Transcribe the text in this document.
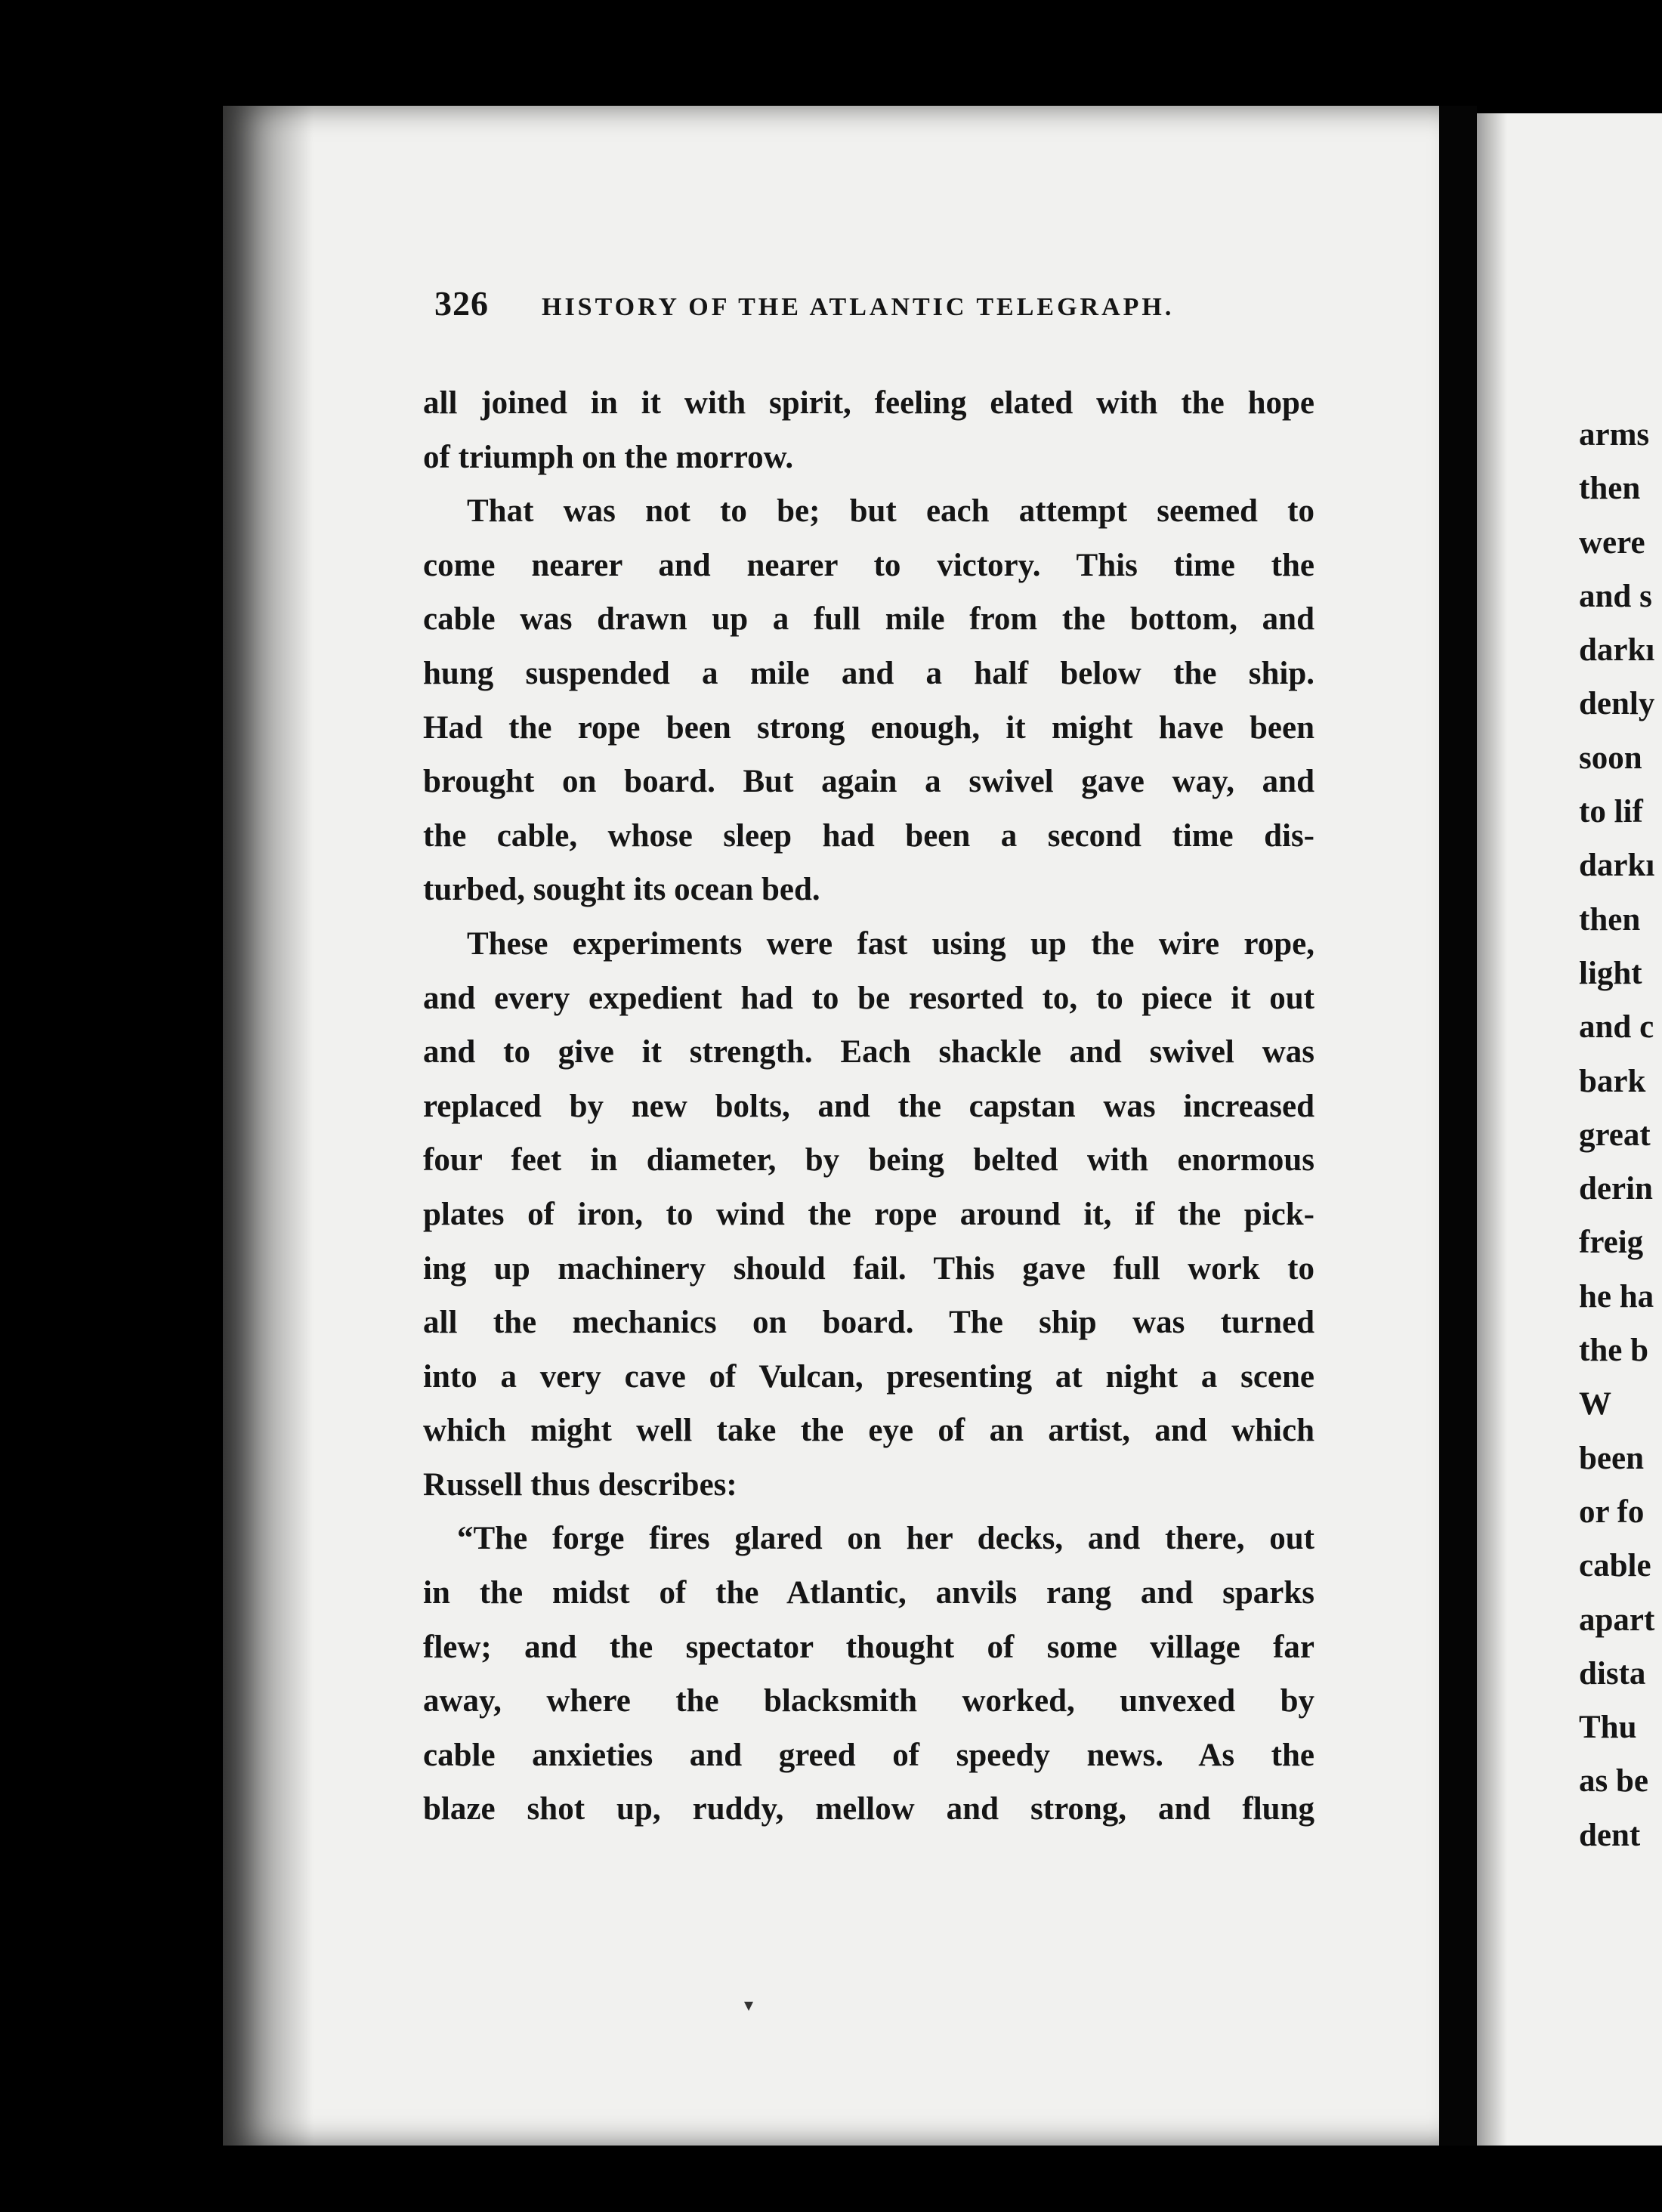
326 HISTORY OF THE ATLANTIC TELEGRAPH.
all joined in it with spirit, feeling elated with the hope
of triumph on the morrow.
That was not to be; but each attempt seemed to
come nearer and nearer to victory. This time the
cable was drawn up a full mile from the bottom, and
hung suspended a mile and a half below the ship.
Had the rope been strong enough, it might have been
brought on board. But again a swivel gave way, and
the cable, whose sleep had been a second time dis-
turbed, sought its ocean bed.
These experiments were fast using up the wire rope,
and every expedient had to be resorted to, to piece it out
and to give it strength. Each shackle and swivel was
replaced by new bolts, and the capstan was increased
four feet in diameter, by being belted with enormous
plates of iron, to wind the rope around it, if the pick-
ing up machinery should fail. This gave full work to
all the mechanics on board. The ship was turned
into a very cave of Vulcan, presenting at night a scene
which might well take the eye of an artist, and which
Russell thus describes:
“The forge fires glared on her decks, and there, out
in the midst of the Atlantic, anvils rang and sparks
flew; and the spectator thought of some village far
away, where the blacksmith worked, unvexed by
cable anxieties and greed of speedy news. As the
blaze shot up, ruddy, mellow and strong, and flung
arms
then
were
and s
darkı
denly
soon
to lif
darkı
then
light
and c
bark
great
derin
freig
he ha
the b
W
been
or fo
cable
apart
dista
Thu
as be
dent
▾
